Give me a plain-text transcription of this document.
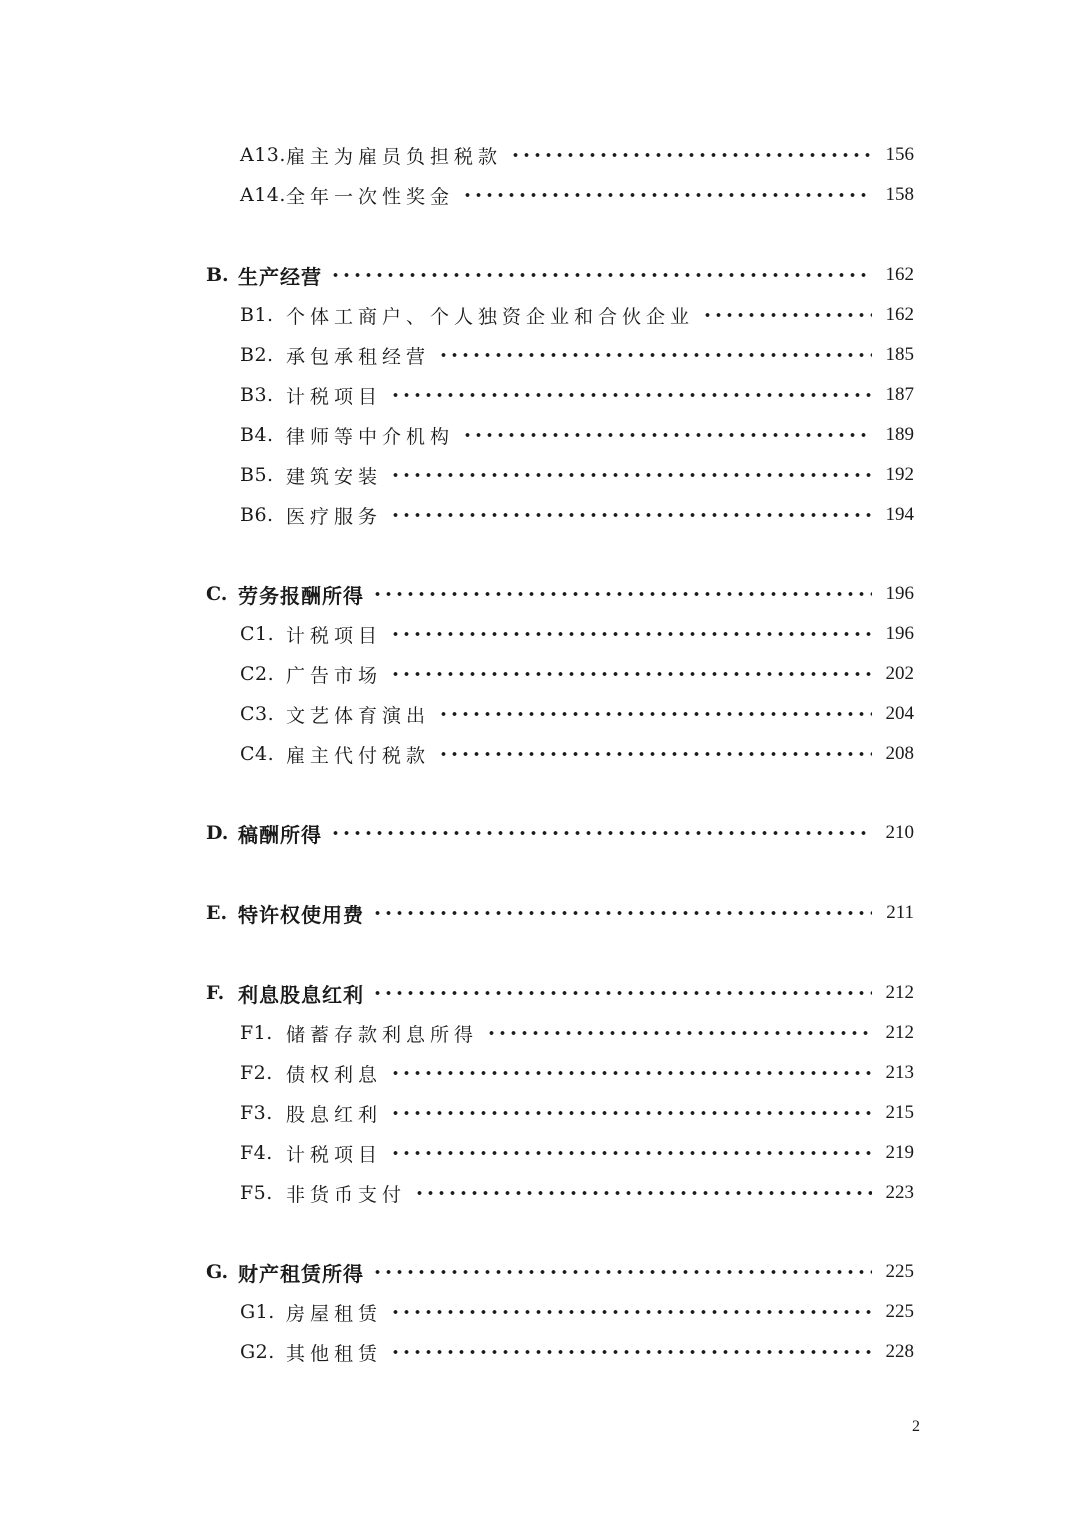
A13. 雇主为雇员负担税款	156
A14. 全年一次性奖金	158
B. 生产经营	162
B1. 个体工商户、个人独资企业和合伙企业	162
B2. 承包承租经营	185
B3. 计税项目	187
B4. 律师等中介机构	189
B5. 建筑安装	192
B6. 医疗服务	194
C. 劳务报酬所得	196
C1. 计税项目	196
C2. 广告市场	202
C3. 文艺体育演出	204
C4. 雇主代付税款	208
D. 稿酬所得	210
E. 特许权使用费	211
F. 利息股息红利	212
F1. 储蓄存款利息所得	212
F2. 债权利息	213
F3. 股息红利	215
F4. 计税项目	219
F5. 非货币支付	223
G. 财产租赁所得	225
G1. 房屋租赁	225
G2. 其他租赁	228
2
